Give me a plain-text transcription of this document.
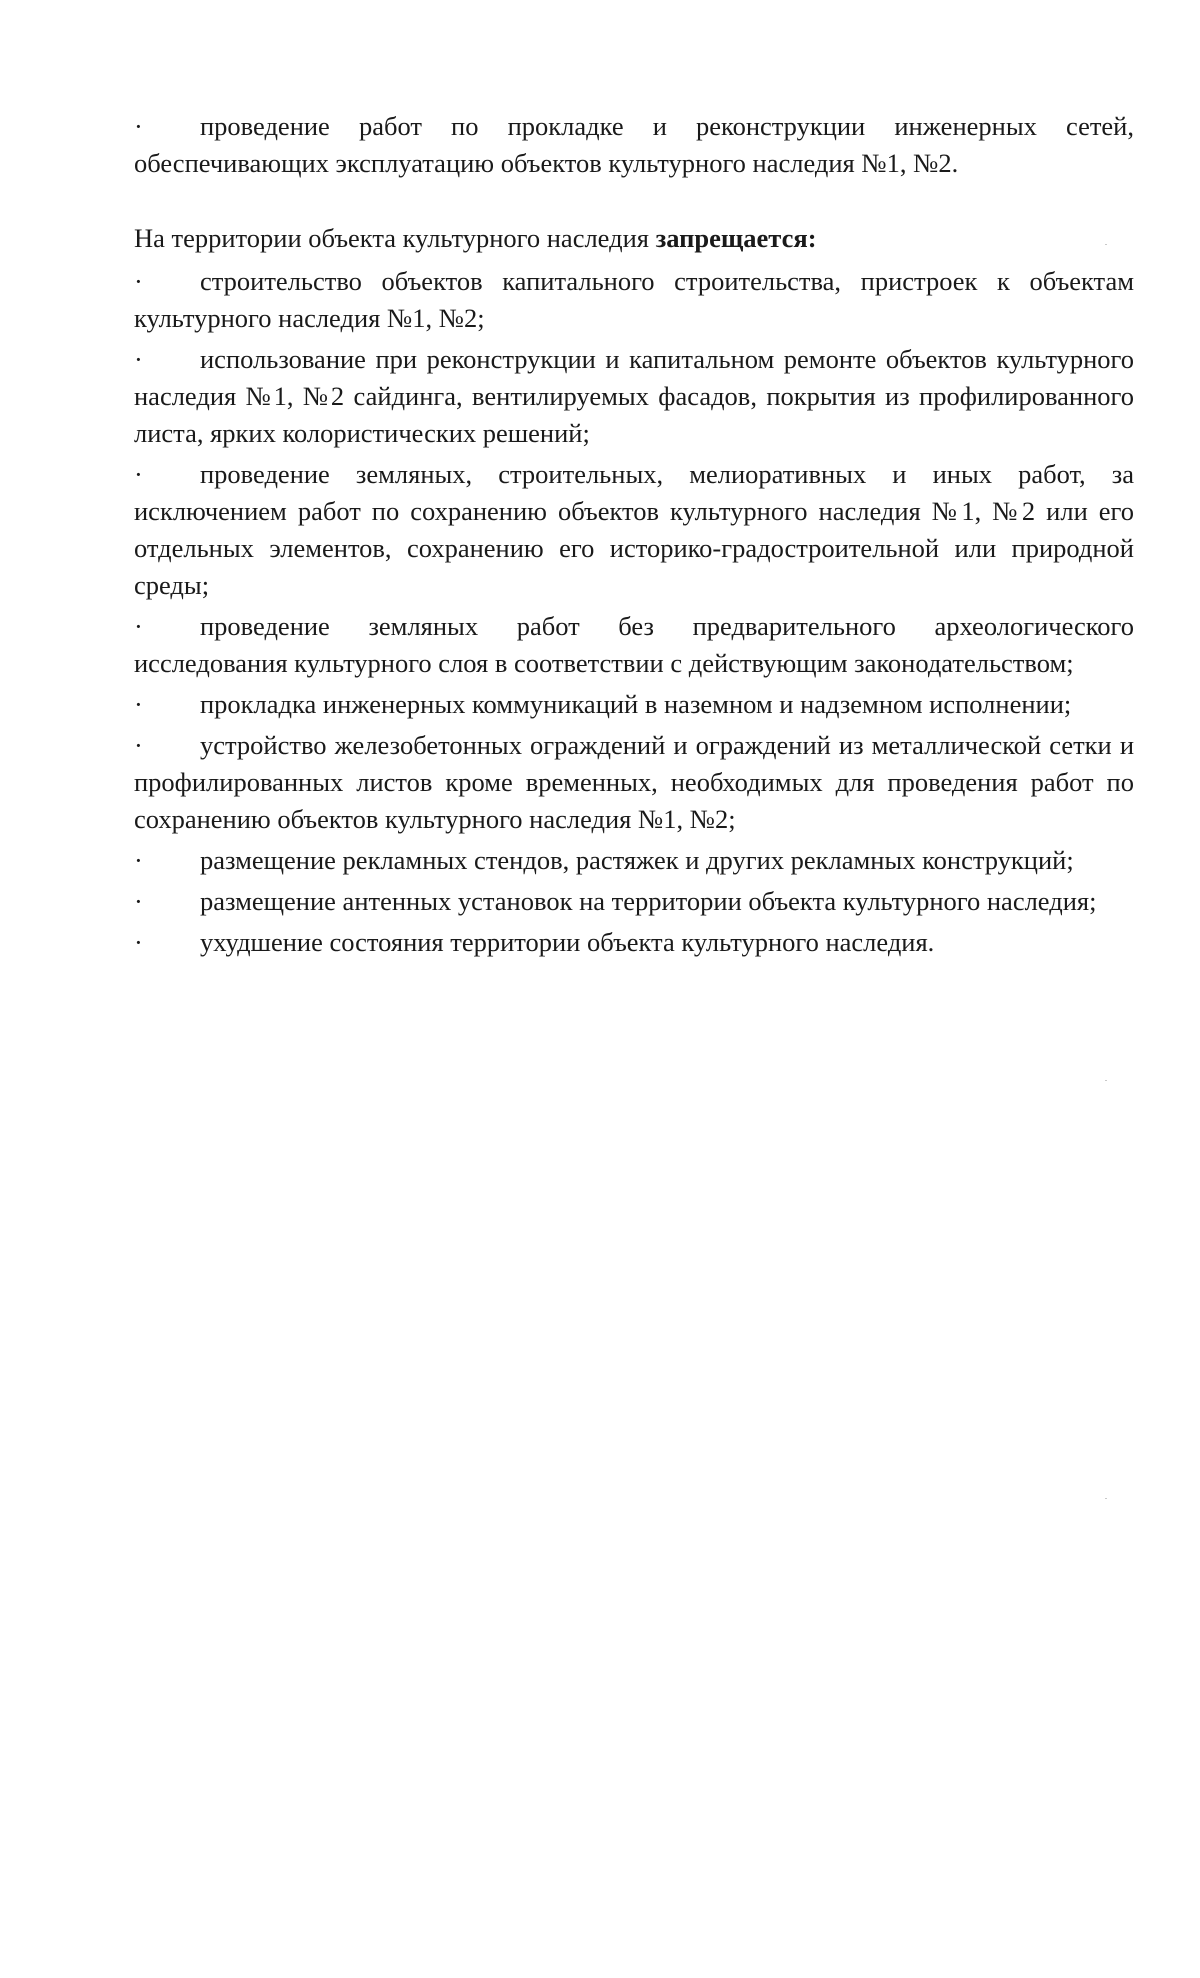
·	проведение работ по прокладке и реконструкции инженерных сетей, обеспечивающих эксплуатацию объектов культурного наследия №1, №2.

На территории объекта культурного наследия запрещается:

·	строительство объектов капитального строительства, пристроек к объектам культурного наследия №1, №2;
·	использование при реконструкции и капитальном ремонте объектов культурного наследия №1, №2 сайдинга, вентилируемых фасадов, покрытия из профилированного листа, ярких колористических решений;
·	проведение земляных, строительных, мелиоративных и иных работ, за исключением работ по сохранению объектов культурного наследия №1, №2 или его отдельных элементов, сохранению его историко-градостроительной или природной среды;
·	проведение земляных работ без предварительного археологического исследования культурного слоя в соответствии с действующим законодательством;
·	прокладка инженерных коммуникаций в наземном и надземном исполнении;
·	устройство железобетонных ограждений и ограждений из металлической сетки и профилированных листов кроме временных, необходимых для проведения работ по сохранению объектов культурного наследия №1, №2;
·	размещение рекламных стендов, растяжек и других рекламных конструкций;
·	размещение антенных установок на территории объекта культурного наследия;
·	ухудшение состояния территории объекта культурного наследия.
